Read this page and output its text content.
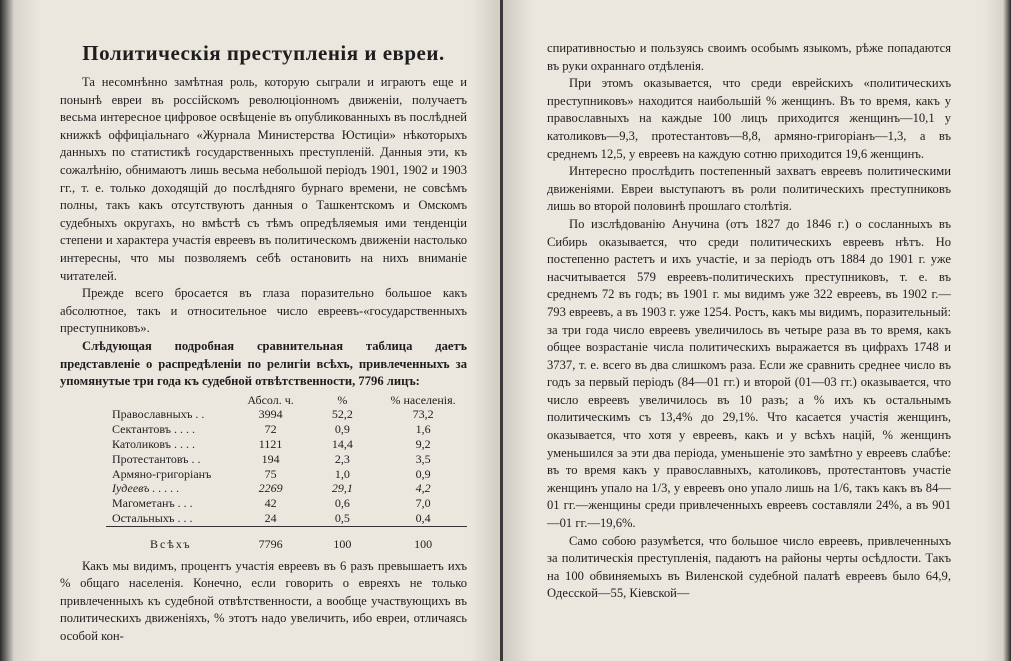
Политическія преступленія и евреи.

Та несомнѣнно замѣтная роль, которую сыграли и играютъ еще и понынѣ евреи въ россійскомъ революціонномъ движеніи, получаетъ весьма интересное цифровое освѣщеніе въ опубликованныхъ въ послѣдней книжкѣ оффиціальнаго «Журнала Министерства Юстиціи» нѣкоторыхъ данныхъ по статистикѣ государственныхъ преступленій. Данныя эти, къ сожалѣнію, обнимаютъ лишь весьма небольшой періодъ 1901, 1902 и 1903 гг., т. е. только доходящій до послѣдняго бурнаго времени, не совсѣмъ полны, такъ какъ отсутствуютъ данныя о Ташкентскомъ и Омскомъ судебныхъ округахъ, но вмѣстѣ съ тѣмъ опредѣляемыя ими тенденціи степени и характера участія евреевъ въ политическомъ движеніи настолько интересны, что мы позволяемъ себѣ остановить на нихъ вниманіе читателей.

Прежде всего бросается въ глаза поразительно большое какъ абсолютное, такъ и относительное число евреевъ-«государственныхъ преступниковъ».

Слѣдующая подробная сравнительная таблица даетъ представленіе о распредѣленіи по религіи всѣхъ, привлеченныхъ за упомянутые три года къ судебной отвѣтственности, 7796 лицъ:

	Абсол. ч.	%	% населенія.
Православныхъ . .	3994	52,2	73,2
Сектантовъ . . . .	72	0,9	1,6
Католиковъ . . . .	1121	14,4	9,2
Протестантовъ . .	194	2,3	3,5
Армяно-григоріанъ	75	1,0	0,9
Іудеевъ . . . . .	2269	29,1	4,2
Магометанъ . . .	42	0,6	7,0
Остальныхъ . . .	24	0,5	0,4

Всѣхъ	7796	100	100

Какъ мы видимъ, процентъ участія евреевъ въ 6 разъ превышаетъ ихъ % общаго населенія. Конечно, если говорить о евреяхъ не только привлеченныхъ къ судебной отвѣтственности, а вообще участвующихъ въ политическихъ движеніяхъ, % этотъ надо увеличить, ибо евреи, отличаясь особой кон-

спиративностью и пользуясь своимъ особымъ языкомъ, рѣже попадаются въ руки охраннаго отдѣленія.

При этомъ оказывается, что среди еврейскихъ «политическихъ преступниковъ» находится наибольшій % женщинъ. Въ то время, какъ у православныхъ на каждые 100 лицъ приходится женщинъ—10,1 у католиковъ—9,3, протестантовъ—8,8, армяно-григоріанъ—1,3, а въ среднемъ 12,5, у евреевъ на каждую сотню приходится 19,6 женщинъ.

Интересно прослѣдить постепенный захватъ евреевъ политическими движеніями. Евреи выступаютъ въ роли политическихъ преступниковъ лишь во второй половинѣ прошлаго столѣтія.

По изслѣдованію Анучина (отъ 1827 до 1846 г.) о сосланныхъ въ Сибирь оказывается, что среди политическихъ евреевъ нѣтъ. Но постепенно растетъ и ихъ участіе, и за періодъ отъ 1884 до 1901 г. уже насчитывается 579 евреевъ-политическихъ преступниковъ, т. е. въ среднемъ 72 въ годъ; въ 1901 г. мы видимъ уже 322 евреевъ, въ 1902 г.—793 евреевъ, а въ 1903 г. уже 1254. Ростъ, какъ мы видимъ, поразительный: за три года число евреевъ увеличилось въ четыре раза въ то время, какъ общее возрастаніе числа политическихъ выражается въ цифрахъ 1748 и 3737, т. е. всего въ два слишкомъ раза. Если же сравнить среднее число въ годъ за первый періодъ (84—01 гг.) и второй (01—03 гг.) оказывается, что число евреевъ увеличилось въ 10 разъ; а % ихъ къ остальнымъ политическимъ съ 13,4% до 29,1%. Что касается участія женщинъ, оказывается, что хотя у евреевъ, какъ и у всѣхъ націй, % женщинъ уменьшился за эти два періода, уменьшеніе это замѣтно у евреевъ слабѣе: въ то время какъ у православныхъ, католиковъ, протестантовъ участіе женщинъ упало на 1/3, у евреевъ оно упало лишь на 1/6, такъ какъ въ 84—01 гг.—женщины среди привлеченныхъ евреевъ составляли 24%, а въ 901—01 гг.—19,6%.

Само собою разумѣется, что большое число евреевъ, привлеченныхъ за политическія преступленія, падаютъ на районы черты осѣдлости. Такъ на 100 обвиняемыхъ въ Виленской судебной палатѣ евреевъ было 64,9, Одесской—55, Кіевской—
